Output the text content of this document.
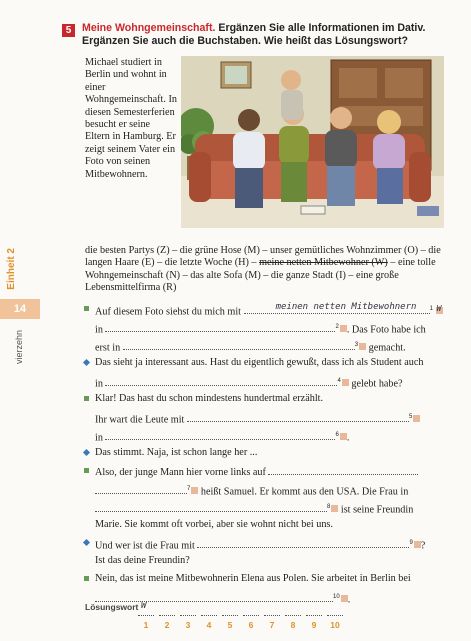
Einheit 2
14
vierzehn
5	Meine Wohngemeinschaft. Ergänzen Sie alle Informationen im Dativ. Ergänzen Sie auch die Buchstaben. Wie heißt das Lösungswort?
Michael studiert in Berlin und wohnt in einer Wohngemeinschaft. In diesen Semesterferien besucht er seine Eltern in Hamburg. Er zeigt seinem Vater ein Foto von seinen Mitbewohnern.
die besten Partys (Z) – die grüne Hose (M) – unser gemütliches Wohnzimmer (O) – die langen Haare (E) – die letzte Woche (H) – meine netten Mitbewohner (W) – eine tolle Wohngemeinschaft (N) – das alte Sofa (M) – die ganze Stadt (I) – eine große Lebensmittelfirma (R)
Auf diesem Foto siehst du mich mit	meinen netten Mitbewohnern $^1$ W
in	$^2$ . Das Foto habe ich
erst in	$^3$ gemacht.
Das sieht ja interessant aus. Hast du eigentlich gewußt, dass ich als Student auch
in	$^4$ gelebt habe?
Klar! Das hast du schon mindestens hundertmal erzählt.
Ihr wart die Leute mit	$^5$
in	$^6$ .
Das stimmt. Naja, ist schon lange her ...
Also, der junge Mann hier vorne links auf
$^7$ heißt Samuel. Er kommt aus den USA. Die Frau in
$^8$ ist seine Freundin
Marie. Sie kommt oft vorbei, aber sie wohnt nicht bei uns.
Und wer ist die Frau mit	$^9$ ?
Ist das deine Freundin?
Nein, das ist meine Mitbewohnerin Elena aus Polen. Sie arbeitet in Berlin bei
$^{10}$ .
Lösungswort W
1	2	3	4	5	6	7	8	9	10
